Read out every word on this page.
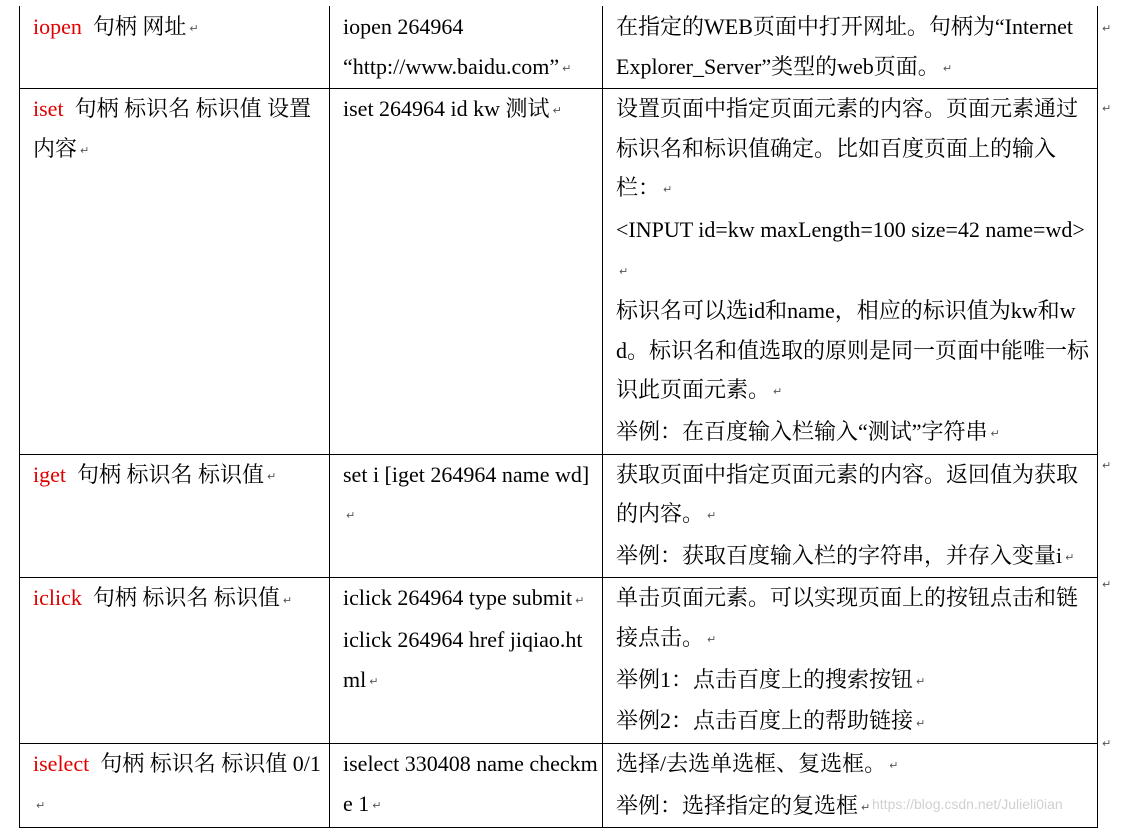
iopen 句柄 网址 ↵	iopen 264964
“http://www.baidu.com” ↵	在指定的WEB页面中打开网址。句柄为“Internet
Explorer_Server”类型的web页面。 ↵
iset 句柄 标识名 标识值 设置内容 ↵	iset 264964 id kw 测试 ↵	设置页面中指定页面元素的内容。页面元素通过标识名和标识值确定。比如百度页面上的输入栏： ↵
<INPUT id=kw maxLength=100 size=42 name=wd>↵
标识名可以选id和name，相应的标识值为kw和wd。标识名和值选取的原则是同一页面中能唯一标识此页面元素。 ↵
举例：在百度输入栏输入“测试”字符串 ↵

iget 句柄 标识名 标识值 ↵	set i [iget 264964 name wd]↵	获取页面中指定页面元素的内容。返回值为获取的内容。 ↵
举例：获取百度输入栏的字符串，并存入变量i ↵

iclick 句柄 标识名 标识值 ↵	iclick 264964 type submit ↵
iclick 264964 href jiqiao.html ↵	单击页面元素。可以实现页面上的按钮点击和链接点击。 ↵
举例1：点击百度上的搜索按钮 ↵
举例2：点击百度上的帮助链接 ↵

iselect 句柄 标识名 标识值 0/1↵	iselect 330408 name checkme 1 ↵	选择/去选单选框、复选框。 ↵
举例：选择指定的复选框 ↵
↵
↵
↵
↵
↵
https://blog.csdn.net/Julieli0ian
